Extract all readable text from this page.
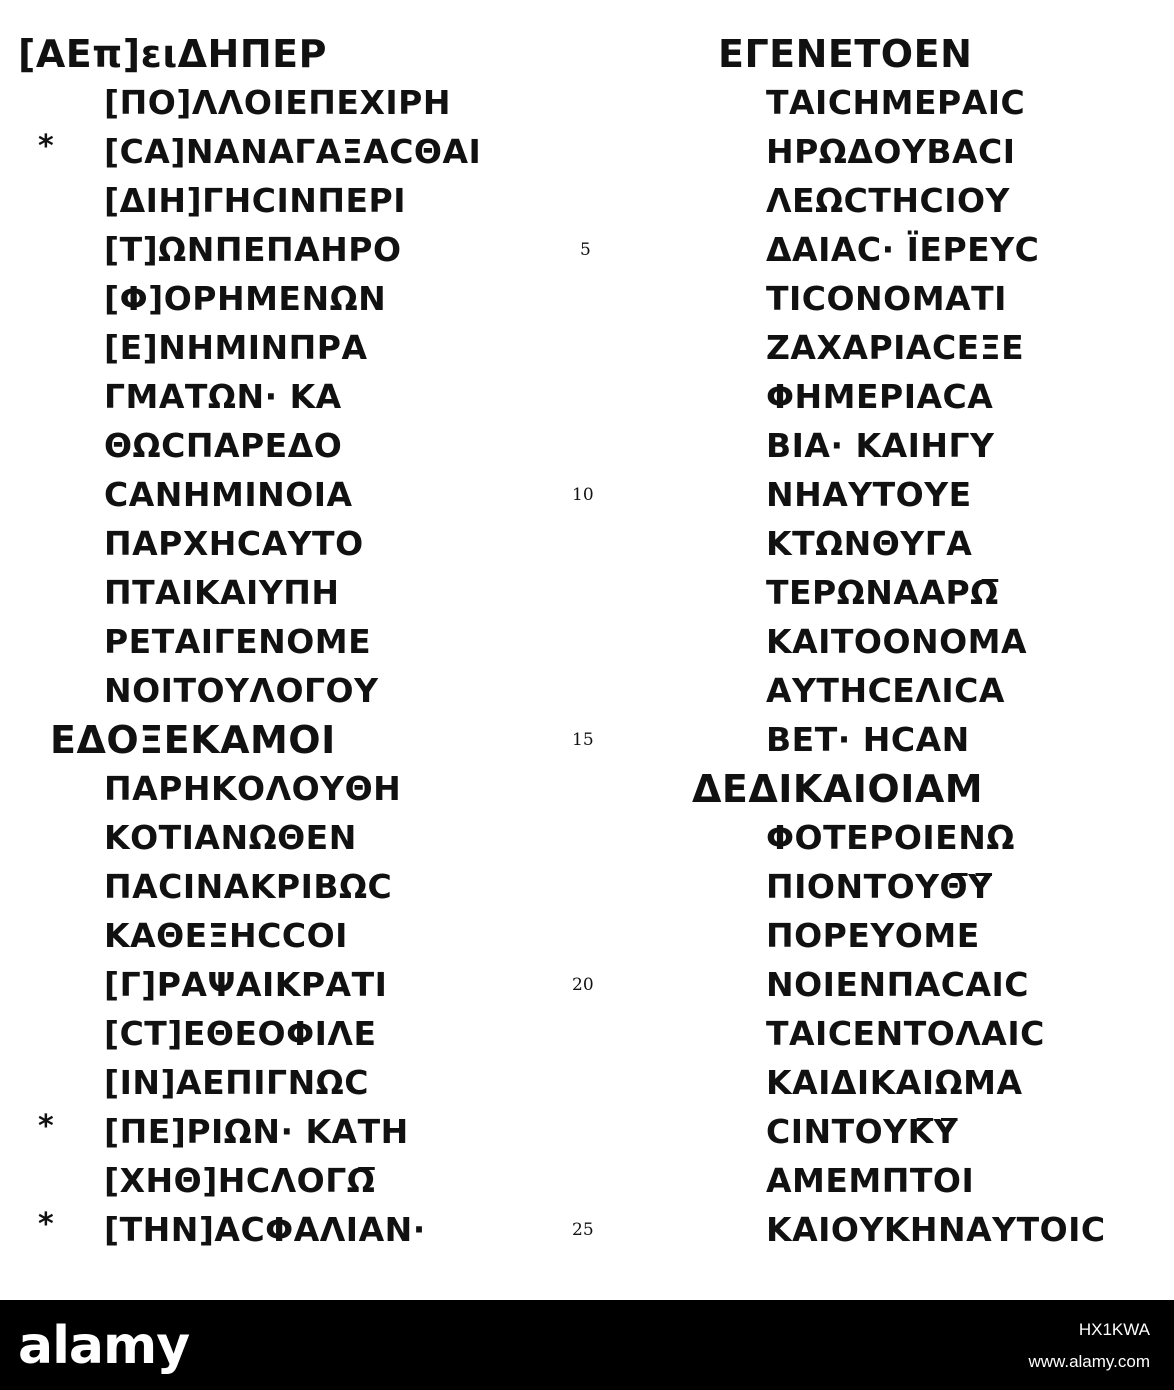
[ΑΕπ]ειΔΗΠΕΡ
[ΠΟ]ΛΛΟΙΕΠΕΧΙΡΗ
* [CΑ]ΝΑΝΑΓΑΞΑCΘΑΙ
[ΔΙΗ]ΓΗCΙΝΠΕΡΙ
[Τ]ΩΝΠΕΠΑΗΡΟ	5
[Φ]ΟΡΗΜΕΝΩΝ
[Ε]ΝΗΜΙΝΠΡΑ
ΓΜΑΤΩΝ· ΚΑ
ΘΩCΠΑΡΕΔΟ
CΑΝΗΜΙΝΟΙΑ	10
ΠΑΡΧΗCΑΥΤΟ
ΠΤΑΙΚΑΙΥΠΗ
ΡΕΤΑΙΓΕΝΟΜΕ
ΝΟΙΤΟΥΛΟΓΟΥ
ΕΔΟΞΕΚΑΜΟΙ	15
ΠΑΡΗΚΟΛΟΥΘΗ
ΚΟΤΙΑΝΩΘΕΝ
ΠΑCΙΝΑΚΡΙΒΩC
ΚΑΘΕΞΗCCΟΙ
[Γ]ΡΑΨΑΙΚΡΑΤΙ	20
[CΤ]ΕΘΕΟΦΙΛΕ
[ΙΝ]ΑΕΠΙΓΝΩC
* [ΠΕ]ΡΙΩΝ· ΚΑΤΗ
[ΧΗΘ]ΗCΛΟΓΩ̅
* [ΤΗΝ]ΑCΦΑΛΙΑΝ·	25
ΕΓΕΝΕΤΟΕΝ
ΤΑΙCΗΜΕΡΑΙC
ΗΡΩΔΟΥΒΑCΙ
ΛΕΩCΤΗCΙΟΥ
ΔΑΙΑC· ΪΕΡΕΥC
ΤΙCΟΝΟΜΑΤΙ
ΖΑΧΑΡΙΑCΕΞΕ
ΦΗΜΕΡΙΑCΑ
ΒΙΑ· ΚΑΙΗΓΥ
ΝΗΑΥΤΟΥΕ
ΚΤΩΝΘΥΓΑ
ΤΕΡΩΝΑΑΡΩ̅
ΚΑΙΤΟΟΝΟΜΑ
ΑΥΤΗCΕΛΙCΑ
ΒΕΤ· ΗCΑΝ
ΔΕΔΙΚΑΙΟΙΑΜ
ΦΟΤΕΡΟΙΕΝΩ
ΠΙΟΝΤΟΥΘ̅Υ̅
ΠΟΡΕΥΟΜΕ
ΝΟΙΕΝΠΑCΑΙC
ΤΑΙCΕΝΤΟΛΑΙC
ΚΑΙΔΙΚΑΙΩΜΑ
CΙΝΤΟΥΚ̅Υ̅
ΑΜΕΜΠΤΟΙ
ΚΑΙΟΥΚΗΝΑΥΤΟΙC
alamy	HX1KWA
www.alamy.com
